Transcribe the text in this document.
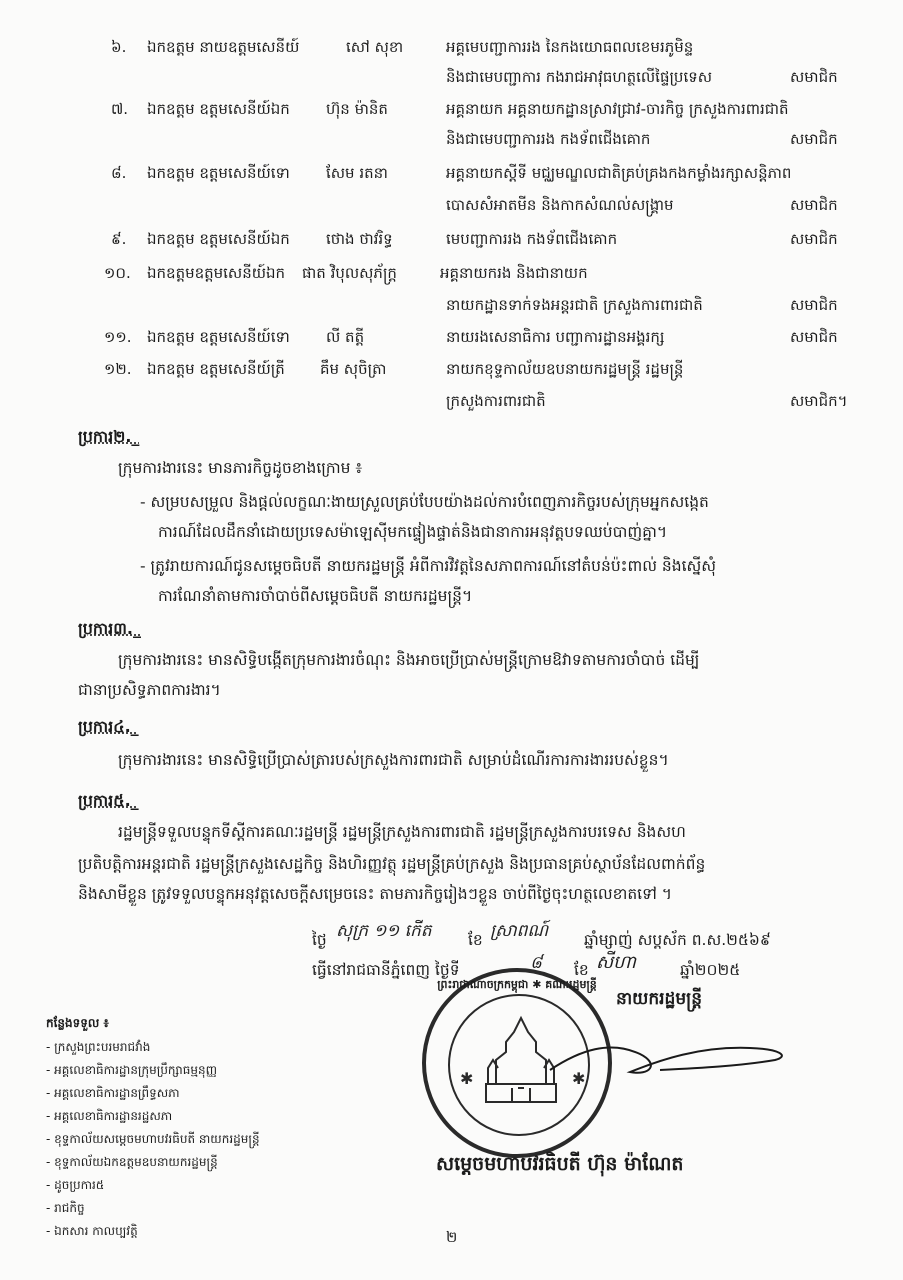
៦. ឯកឧត្តម នាយឧត្តមសេនីយ៍	សៅ សុខា	អគ្គមេបញ្ជាការរង នៃកងយោធពលខេមរភូមិន្ទ
និងជាមេបញ្ជាការ កងរាជអាវុធហត្ថលើផ្ទៃប្រទេស	សមាជិក
៧. ឯកឧត្តម ឧត្តមសេនីយ៍ឯក ហ៊ុន ម៉ានិត	អគ្គនាយក អគ្គនាយកដ្ឋានស្រាវជ្រាវ-ចារកិច្ច ក្រសួងការពារជាតិ
និងជាមេបញ្ជាការរង កងទ័ពជើងគោក	សមាជិក
៨. ឯកឧត្តម ឧត្តមសេនីយ៍ទោ សែម រតនា	អគ្គនាយកស្តីទី មជ្ឈមណ្ឌលជាតិគ្រប់គ្រងកងកម្លាំងរក្សាសន្តិភាព
បោសសំអាតមីន និងកាកសំណល់សង្គ្រាម	សមាជិក
៩. ឯកឧត្តម ឧត្តមសេនីយ៍ឯក ថោង ថាវរិទ្ធ	មេបញ្ជាការរង កងទ័ពជើងគោក	សមាជិក
១០. ឯកឧត្តមឧត្តមសេនីយ៍ឯក ផាត វិបុលសុភ័ក្ត្រ	អគ្គនាយករង និងជានាយក
នាយកដ្ឋានទាក់ទងអន្តរជាតិ ក្រសួងការពារជាតិ	សមាជិក
១១. ឯកឧត្តម ឧត្តមសេនីយ៍ទោ លី តត្តី	នាយរងសេនាធិការ បញ្ជាការដ្ឋានអង្គរក្ស	សមាជិក
១២. ឯកឧត្តម ឧត្តមសេនីយ៍ត្រី គឹម សុចិត្រា	នាយកខុទ្ទកាល័យឧបនាយករដ្ឋមន្ត្រី រដ្ឋមន្ត្រី
ក្រសួងការពារជាតិ	សមាជិក។
ប្រការ២._
ក្រុមការងារនេះ មានភារកិច្ចដូចខាងក្រោម ៖
- សម្របសម្រួល និងផ្តល់លក្ខណៈងាយស្រួលគ្រប់បែបយ៉ាងដល់ការបំពេញភារកិច្ចរបស់ក្រុមអ្នកសង្កេត
ការណ៍ដែលដឹកនាំដោយប្រទេសម៉ាឡេស៊ីមកផ្ទៀងផ្ទាត់និងជានាការអនុវត្តបទឈប់បាញ់គ្នា។
- ត្រូវរាយការណ៍ជូនសម្តេចធិបតី នាយករដ្ឋមន្ត្រី អំពីការវិវត្តនៃសភាពការណ៍នៅតំបន់ប៉ះពាល់ និងស្នើសុំ
ការណែនាំតាមការចាំបាច់ពីសម្តេចធិបតី នាយករដ្ឋមន្ត្រី។
ប្រការ៣._
ក្រុមការងារនេះ មានសិទ្ធិបង្កើតក្រុមការងារចំណុះ និងអាចប្រើប្រាស់មន្ត្រីក្រោមឱវាទតាមការចាំបាច់ ដើម្បី
ជានាប្រសិទ្ធភាពការងារ។
ប្រការ៤._
ក្រុមការងារនេះ មានសិទ្ធិប្រើប្រាស់ត្រារបស់ក្រសួងការពារជាតិ សម្រាប់ដំណើរការការងាររបស់ខ្លួន។
ប្រការ៥._
រដ្ឋមន្ត្រីទទួលបន្ទុកទីស្តីការគណៈរដ្ឋមន្ត្រី រដ្ឋមន្ត្រីក្រសួងការពារជាតិ រដ្ឋមន្ត្រីក្រសួងការបរទេស និងសហ
ប្រតិបត្តិការអន្តរជាតិ រដ្ឋមន្ត្រីក្រសួងសេដ្ឋកិច្ច និងហិរញ្ញវត្ថុ រដ្ឋមន្ត្រីគ្រប់ក្រសួង និងប្រធានគ្រប់ស្ថាប័នដែលពាក់ព័ន្ធ
និងសាមីខ្លួន ត្រូវទទួលបន្ទុកអនុវត្តសេចក្តីសម្រេចនេះ តាមភារកិច្ចរៀងៗខ្លួន ចាប់ពីថ្ងៃចុះហត្ថលេខាតទៅ ។
ថ្ងៃ សុក្រ ១១ កើត ខែ ស្រាពណ៍ ឆ្នាំម្សាញ់ សប្តស័ក ព.ស.២៥៦៩
ធ្វើនៅរាជធានីភ្នំពេញ ថ្ងៃទី	៨ ខែ សីហា	ឆ្នាំ២០២៥
នាយករដ្ឋមន្ត្រី
✱	✱
ព្រះរាជាណាចក្រកម្ពុជា ✱ គណៈរដ្ឋមន្ត្រី
សម្តេចមហាបវរធិបតី ហ៊ុន ម៉ាណែត
កន្លែងទទួល ៖
- ក្រសួងព្រះបរមរាជវាំង
- អគ្គលេខាធិការដ្ឋានក្រុមប្រឹក្សាធម្មនុញ្ញ
- អគ្គលេខាធិការដ្ឋានព្រឹទ្ធសភា
- អគ្គលេខាធិការដ្ឋានរដ្ឋសភា
- ខុទ្ទកាល័យសម្តេចមហាបវរធិបតី នាយករដ្ឋមន្ត្រី
- ខុទ្ទកាល័យឯកឧត្តមឧបនាយករដ្ឋមន្ត្រី
- ដូចប្រការ៥
- រាជកិច្ច
- ឯកសារ កាលប្បវត្តិ	២
